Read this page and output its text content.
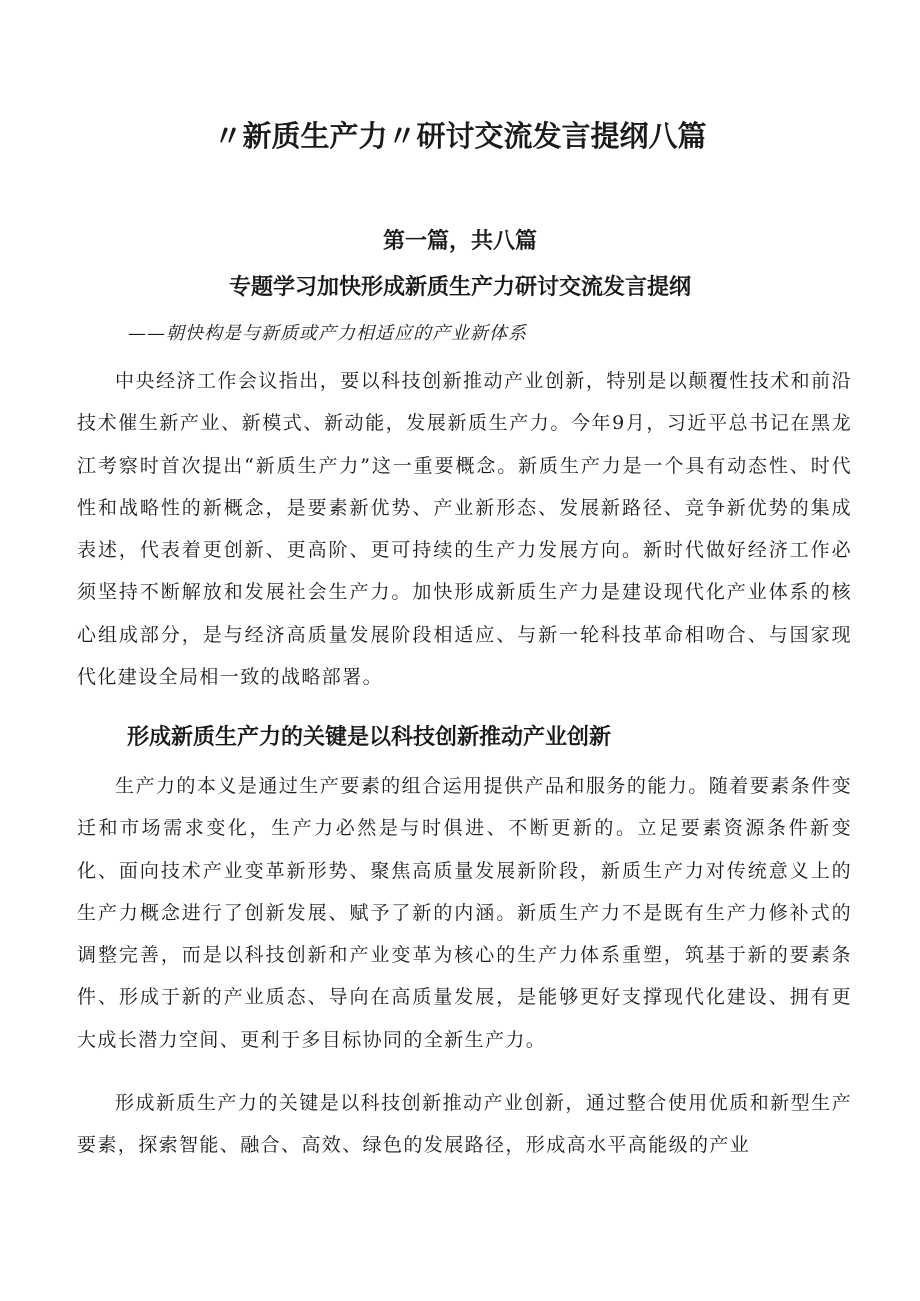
〃新质生产力〃研讨交流发言提纲八篇
第一篇，共八篇
专题学习加快形成新质生产力研讨交流发言提纲
——朝快构是与新质或产力相适应的产业新体系
中央经济工作会议指出，要以科技创新推动产业创新，特别是以颠覆性技术和前沿技术催生新产业、新模式、新动能，发展新质生产力。今年9月，习近平总书记在黑龙江考察时首次提出“新质生产力”这一重要概念。新质生产力是一个具有动态性、时代性和战略性的新概念，是要素新优势、产业新形态、发展新路径、竞争新优势的集成表述，代表着更创新、更高阶、更可持续的生产力发展方向。新时代做好经济工作必须坚持不断解放和发展社会生产力。加快形成新质生产力是建设现代化产业体系的核心组成部分，是与经济高质量发展阶段相适应、与新一轮科技革命相吻合、与国家现代化建设全局相一致的战略部署。
形成新质生产力的关键是以科技创新推动产业创新
生产力的本义是通过生产要素的组合运用提供产品和服务的能力。随着要素条件变迁和市场需求变化，生产力必然是与时俱进、不断更新的。立足要素资源条件新变化、面向技术产业变革新形势、聚焦高质量发展新阶段，新质生产力对传统意义上的生产力概念进行了创新发展、赋予了新的内涵。新质生产力不是既有生产力修补式的调整完善，而是以科技创新和产业变革为核心的生产力体系重塑，筑基于新的要素条件、形成于新的产业质态、导向在高质量发展，是能够更好支撑现代化建设、拥有更大成长潜力空间、更利于多目标协同的全新生产力。
形成新质生产力的关键是以科技创新推动产业创新，通过整合使用优质和新型生产要素，探索智能、融合、高效、绿色的发展路径，形成高水平高能级的产业
